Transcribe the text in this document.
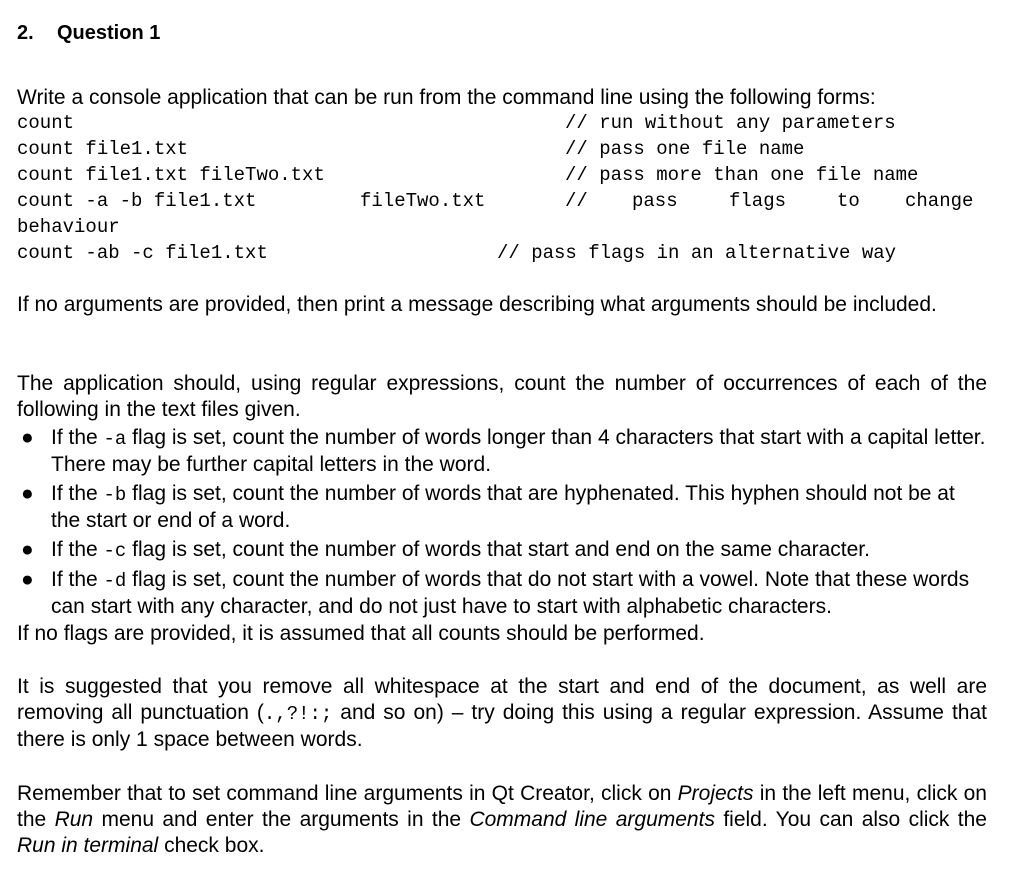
2. Question 1
Write a console application that can be run from the command line using the following forms:
count	// run without any parameters
count file1.txt	// pass one file name
count file1.txt fileTwo.txt	// pass more than one file name
count -a -b file1.txt	fileTwo.txt	// pass	flags	to change
behaviour
count -ab -c file1.txt	// pass flags in an alternative way
If no arguments are provided, then print a message describing what arguments should be included.
The application should, using regular expressions, count the number of occurrences of each of the following in the text files given.
● If the -a flag is set, count the number of words longer than 4 characters that start with a capital letter. There may be further capital letters in the word.
● If the -b flag is set, count the number of words that are hyphenated. This hyphen should not be at the start or end of a word.
● If the -c flag is set, count the number of words that start and end on the same character.
● If the -d flag is set, count the number of words that do not start with a vowel. Note that these words can start with any character, and do not just have to start with alphabetic characters.
If no flags are provided, it is assumed that all counts should be performed.
It is suggested that you remove all whitespace at the start and end of the document, as well are removing all punctuation (.,?!:; and so on) – try doing this using a regular expression. Assume that there is only 1 space between words.
Remember that to set command line arguments in Qt Creator, click on Projects in the left menu, click on the Run menu and enter the arguments in the Command line arguments field. You can also click the Run in terminal check box.
